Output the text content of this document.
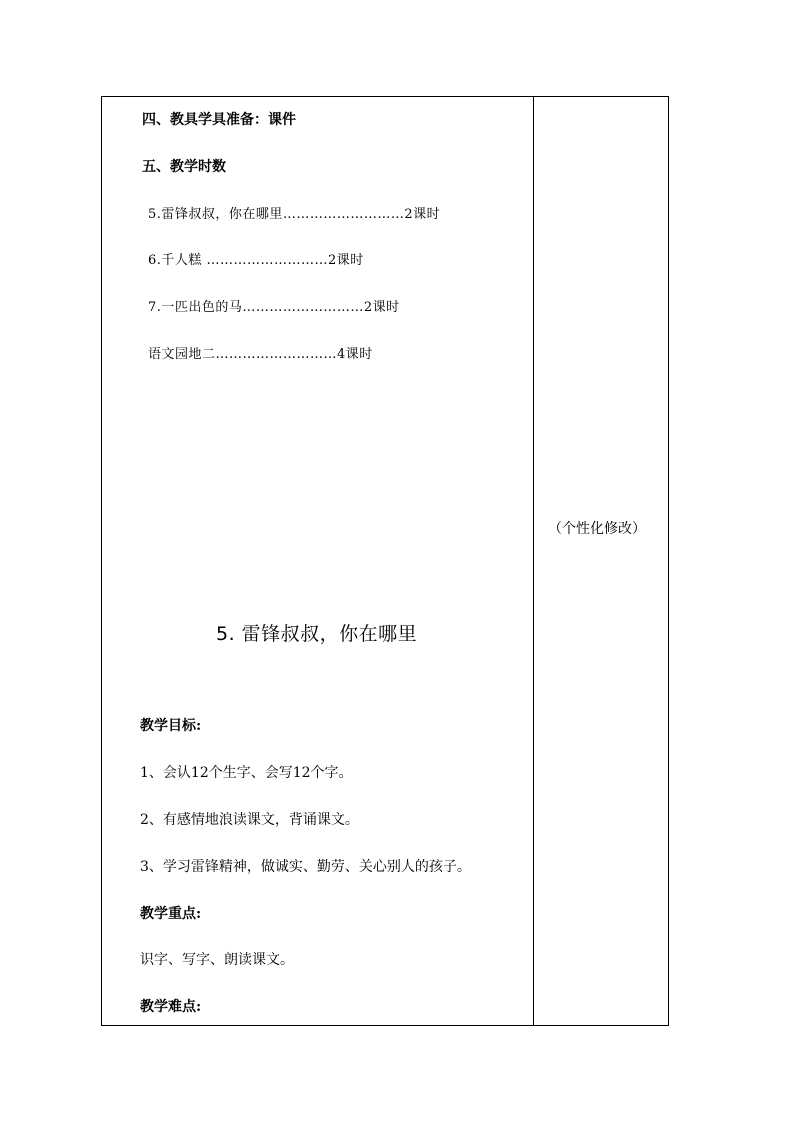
四、教具学具准备：课件
五、教学时数
5.雷锋叔叔，你在哪里………………………2课时
6.千人糕 ………………………2课时
7.一匹出色的马………………………2课时
语文园地二………………………4课时
5. 雷锋叔叔，你在哪里
教学目标:
1、会认12个生字、会写12个字。
2、有感情地浪读课文，背诵课文。
3、学习雷锋精神，做诚实、勤劳、关心别人的孩子。
教学重点:
识字、写字、朗读课文。
教学难点:
（个性化修改）
